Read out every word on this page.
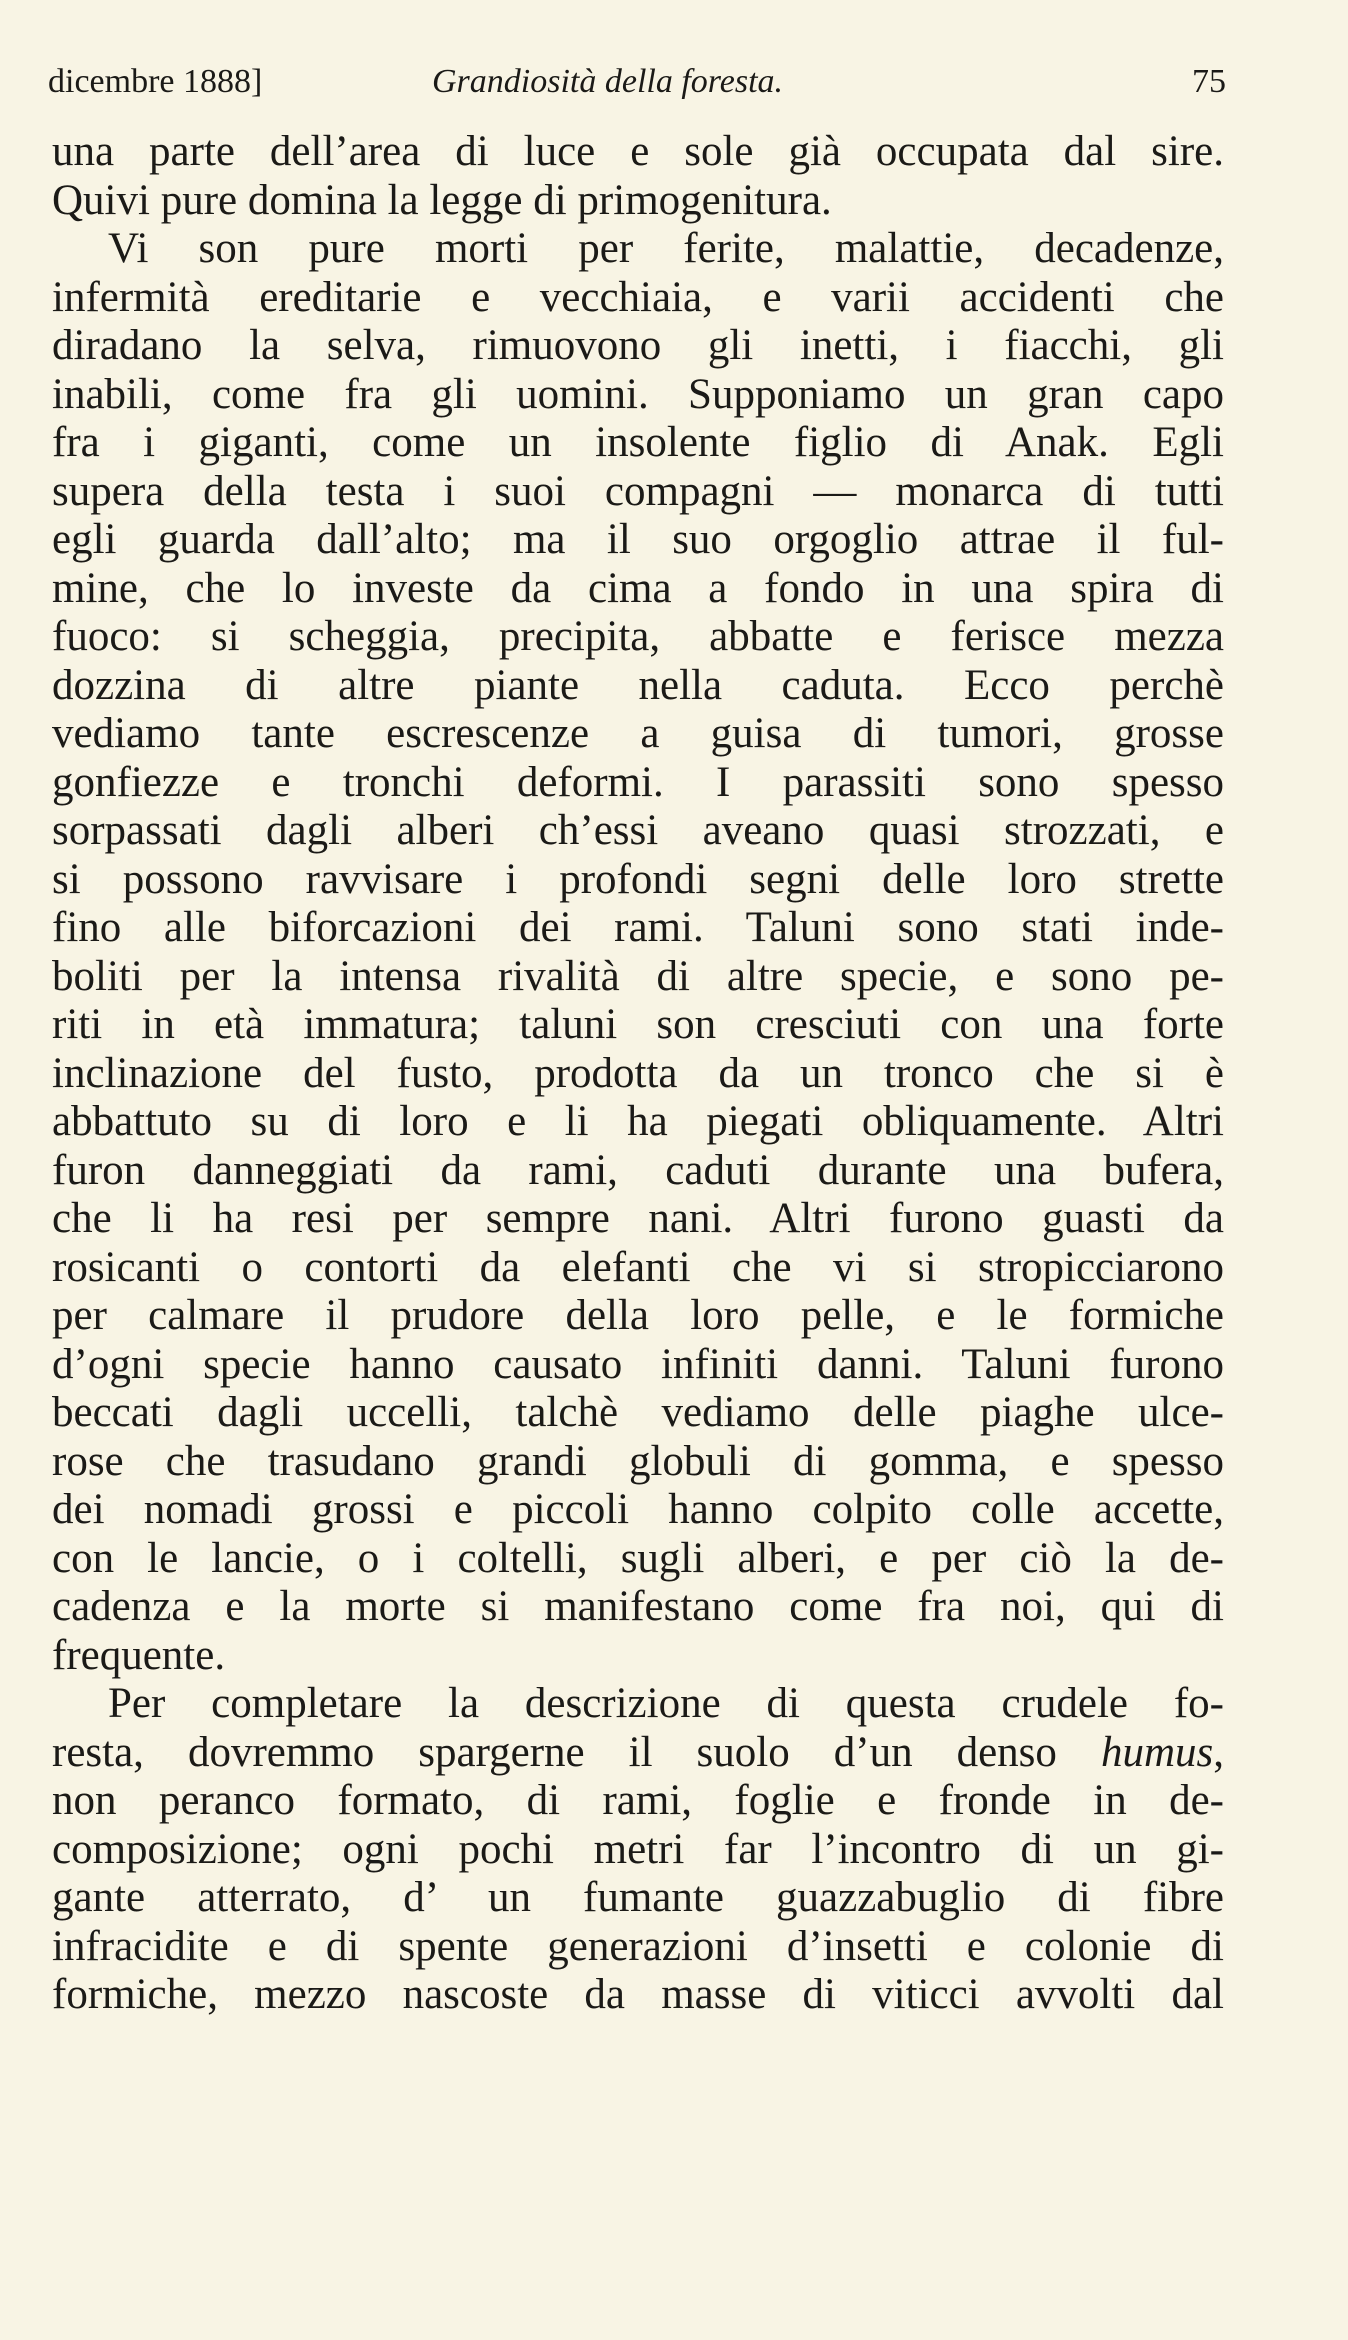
dicembre 1888]	Grandiosità della foresta.	75
una parte dell’area di luce e sole già occupata dal sire.
Quivi pure domina la legge di primogenitura.
Vi son pure morti per ferite, malattie, decadenze,
infermità ereditarie e vecchiaia, e varii accidenti che
diradano la selva, rimuovono gli inetti, i fiacchi, gli
inabili, come fra gli uomini. Supponiamo un gran capo
fra i giganti, come un insolente figlio di Anak. Egli
supera della testa i suoi compagni — monarca di tutti
egli guarda dall’alto; ma il suo orgoglio attrae il ful-
mine, che lo investe da cima a fondo in una spira di
fuoco: si scheggia, precipita, abbatte e ferisce mezza
dozzina di altre piante nella caduta. Ecco perchè
vediamo tante escrescenze a guisa di tumori, grosse
gonfiezze e tronchi deformi. I parassiti sono spesso
sorpassati dagli alberi ch’essi aveano quasi strozzati, e
si possono ravvisare i profondi segni delle loro strette
fino alle biforcazioni dei rami. Taluni sono stati inde-
boliti per la intensa rivalità di altre specie, e sono pe-
riti in età immatura; taluni son cresciuti con una forte
inclinazione del fusto, prodotta da un tronco che si è
abbattuto su di loro e li ha piegati obliquamente. Altri
furon danneggiati da rami, caduti durante una bufera,
che li ha resi per sempre nani. Altri furono guasti da
rosicanti o contorti da elefanti che vi si stropicciarono
per calmare il prudore della loro pelle, e le formiche
d’ogni specie hanno causato infiniti danni. Taluni furono
beccati dagli uccelli, talchè vediamo delle piaghe ulce-
rose che trasudano grandi globuli di gomma, e spesso
dei nomadi grossi e piccoli hanno colpito colle accette,
con le lancie, o i coltelli, sugli alberi, e per ciò la de-
cadenza e la morte si manifestano come fra noi, qui di
frequente.
Per completare la descrizione di questa crudele fo-
resta, dovremmo spargerne il suolo d’un denso humus,
non peranco formato, di rami, foglie e fronde in de-
composizione; ogni pochi metri far l’incontro di un gi-
gante atterrato, d’ un fumante guazzabuglio di fibre
infracidite e di spente generazioni d’insetti e colonie di
formiche, mezzo nascoste da masse di viticci avvolti dal
